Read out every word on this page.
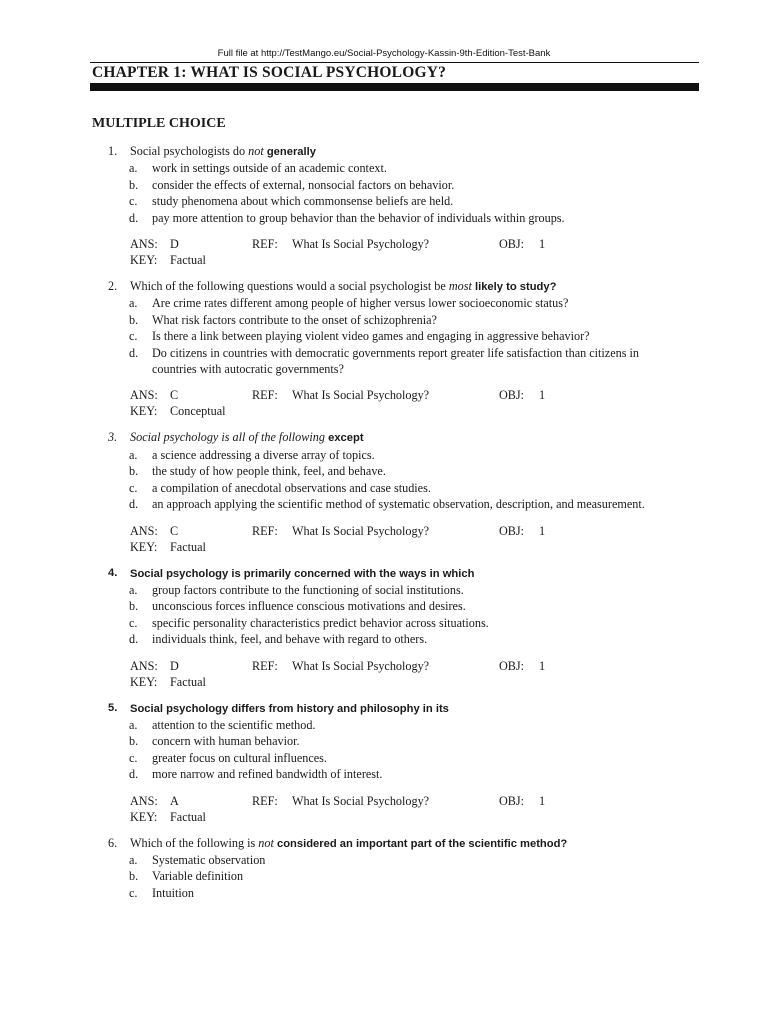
Full file at http://TestMango.eu/Social-Psychology-Kassin-9th-Edition-Test-Bank
CHAPTER 1: WHAT IS SOCIAL PSYCHOLOGY?
MULTIPLE CHOICE
1. Social psychologists do not generally
a. work in settings outside of an academic context.
b. consider the effects of external, nonsocial factors on behavior.
c. study phenomena about which commonsense beliefs are held.
d. pay more attention to group behavior than the behavior of individuals within groups.
ANS: D	REF: What Is Social Psychology?	OBJ: 1
KEY: Factual
2. Which of the following questions would a social psychologist be most likely to study?
a. Are crime rates different among people of higher versus lower socioeconomic status?
b. What risk factors contribute to the onset of schizophrenia?
c. Is there a link between playing violent video games and engaging in aggressive behavior?
d. Do citizens in countries with democratic governments report greater life satisfaction than citizens in countries with autocratic governments?
ANS: C	REF: What Is Social Psychology?	OBJ: 1
KEY: Conceptual
3. Social psychology is all of the following except
a. a science addressing a diverse array of topics.
b. the study of how people think, feel, and behave.
c. a compilation of anecdotal observations and case studies.
d. an approach applying the scientific method of systematic observation, description, and measurement.
ANS: C	REF: What Is Social Psychology?	OBJ: 1
KEY: Factual
4. Social psychology is primarily concerned with the ways in which
a. group factors contribute to the functioning of social institutions.
b. unconscious forces influence conscious motivations and desires.
c. specific personality characteristics predict behavior across situations.
d. individuals think, feel, and behave with regard to others.
ANS: D	REF: What Is Social Psychology?	OBJ: 1
KEY: Factual
5. Social psychology differs from history and philosophy in its
a. attention to the scientific method.
b. concern with human behavior.
c. greater focus on cultural influences.
d. more narrow and refined bandwidth of interest.
ANS: A	REF: What Is Social Psychology?	OBJ: 1
KEY: Factual
6. Which of the following is not considered an important part of the scientific method?
a. Systematic observation
b. Variable definition
c. Intuition
